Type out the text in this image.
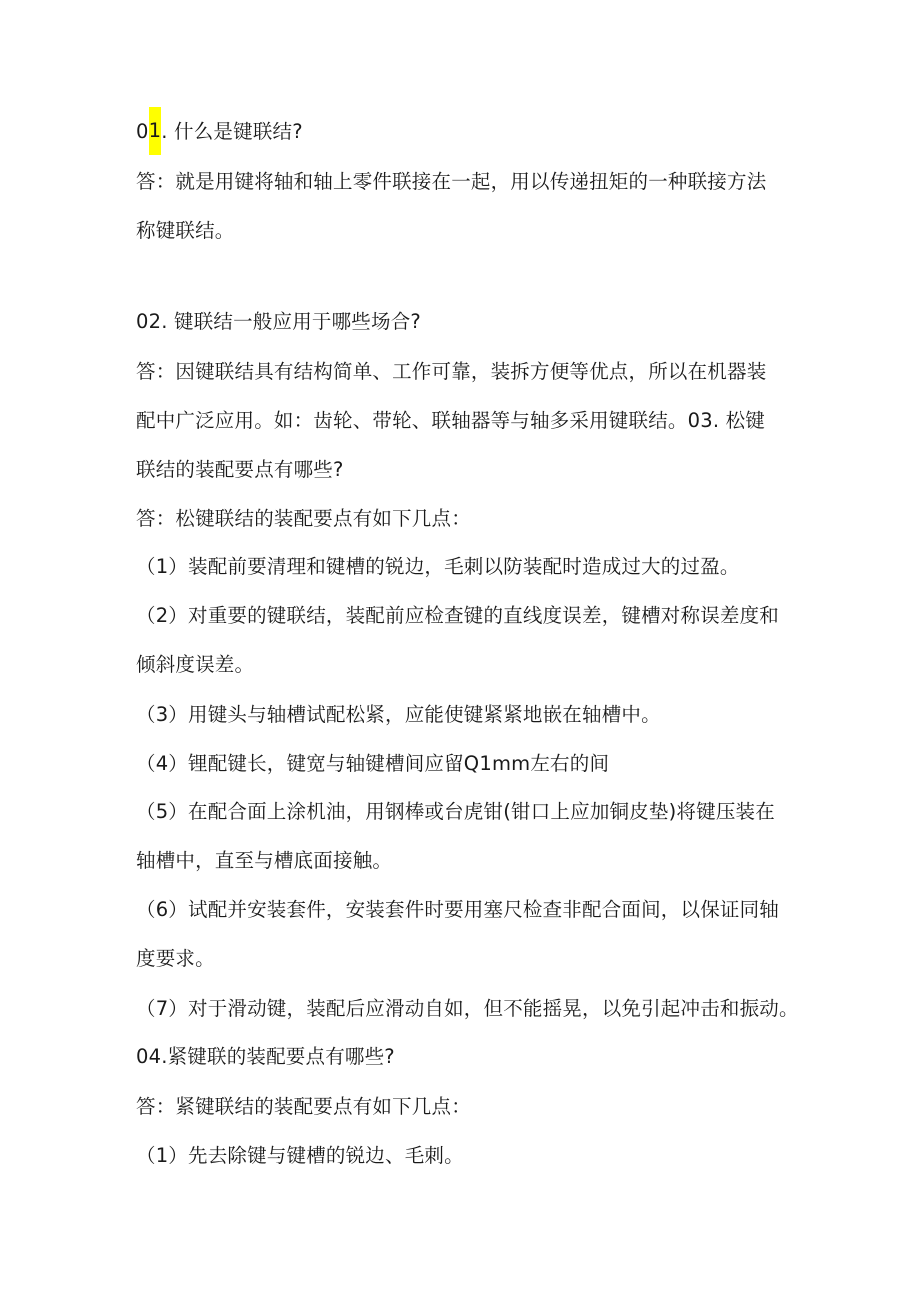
01. 什么是键联结?
答：就是用键将轴和轴上零件联接在一起，用以传递扭矩的一种联接方法
称键联结。
02. 键联结一般应用于哪些场合?
答：因键联结具有结构简单、工作可靠，装拆方便等优点，所以在机器装
配中广泛应用。如：齿轮、带轮、联轴器等与轴多采用键联结。03. 松键
联结的装配要点有哪些?
答：松键联结的装配要点有如下几点：
（1）装配前要清理和键槽的锐边，毛刺以防装配时造成过大的过盈。
（2）对重要的键联结，装配前应检查键的直线度误差，键槽对称误差度和
倾斜度误差。
（3）用键头与轴槽试配松紧，应能使键紧紧地嵌在轴槽中。
（4）锂配键长，键宽与轴键槽间应留Q1mm左右的间
（5）在配合面上涂机油，用钢棒或台虎钳(钳口上应加铜皮垫)将键压装在
轴槽中，直至与槽底面接触。
（6）试配并安装套件，安装套件时要用塞尺检查非配合面间，以保证同轴
度要求。
（7）对于滑动键，装配后应滑动自如，但不能摇晃，以免引起冲击和振动。
04.紧键联的装配要点有哪些?
答：紧键联结的装配要点有如下几点：
（1）先去除键与键槽的锐边、毛刺。
